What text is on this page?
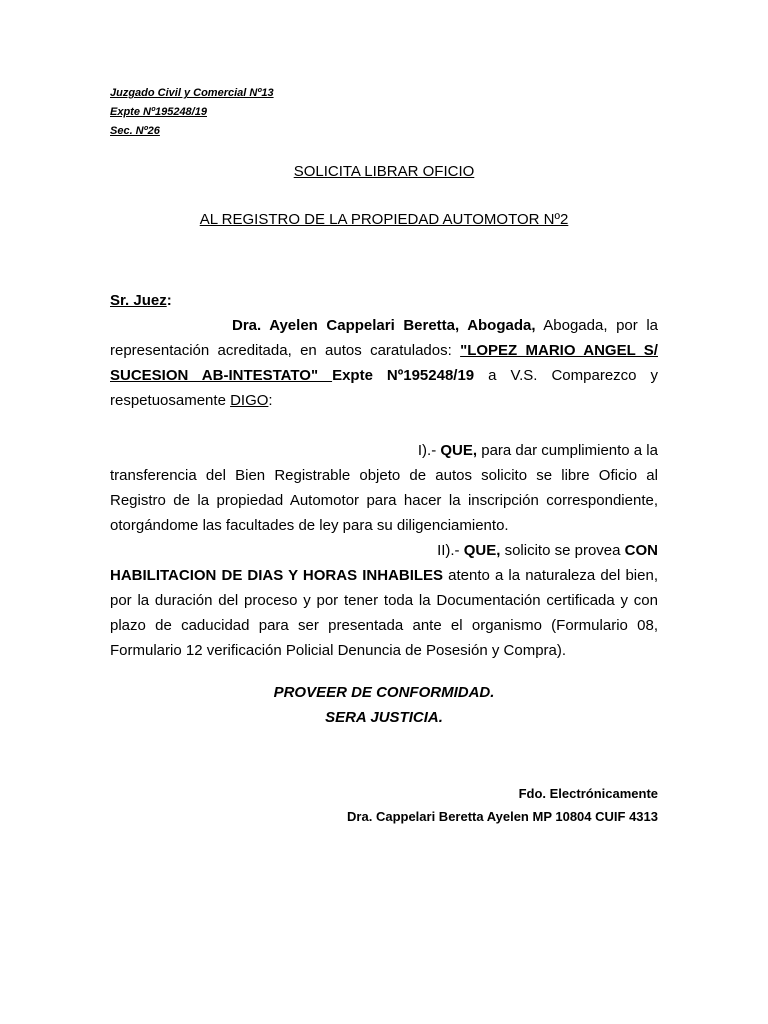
Juzgado Civil y Comercial Nº13
Expte Nº195248/19
Sec. Nº26
SOLICITA LIBRAR OFICIO
AL REGISTRO DE LA PROPIEDAD AUTOMOTOR Nº2
Sr. Juez:
Dra. Ayelen Cappelari Beretta, Abogada, Abogada, por la representación acreditada, en autos caratulados: "LOPEZ MARIO ANGEL S/ SUCESION AB-INTESTATO" Expte Nº195248/19 a V.S. Comparezco y respetuosamente DIGO:
I).- QUE, para dar cumplimiento a la
transferencia del Bien Registrable objeto de autos solicito se libre Oficio al Registro de la propiedad Automotor para hacer la inscripción correspondiente, otorgándome las facultades de ley para su diligenciamiento.
II).- QUE, solicito se provea CON
HABILITACION DE DIAS Y HORAS INHABILES atento a la naturaleza del bien, por la duración del proceso y por tener toda la Documentación certificada y con plazo de caducidad para ser presentada ante el organismo (Formulario 08, Formulario 12 verificación Policial Denuncia de Posesión y Compra).
PROVEER DE CONFORMIDAD.
SERA JUSTICIA.
Fdo. Electrónicamente
Dra. Cappelari Beretta Ayelen MP 10804 CUIF 4313
